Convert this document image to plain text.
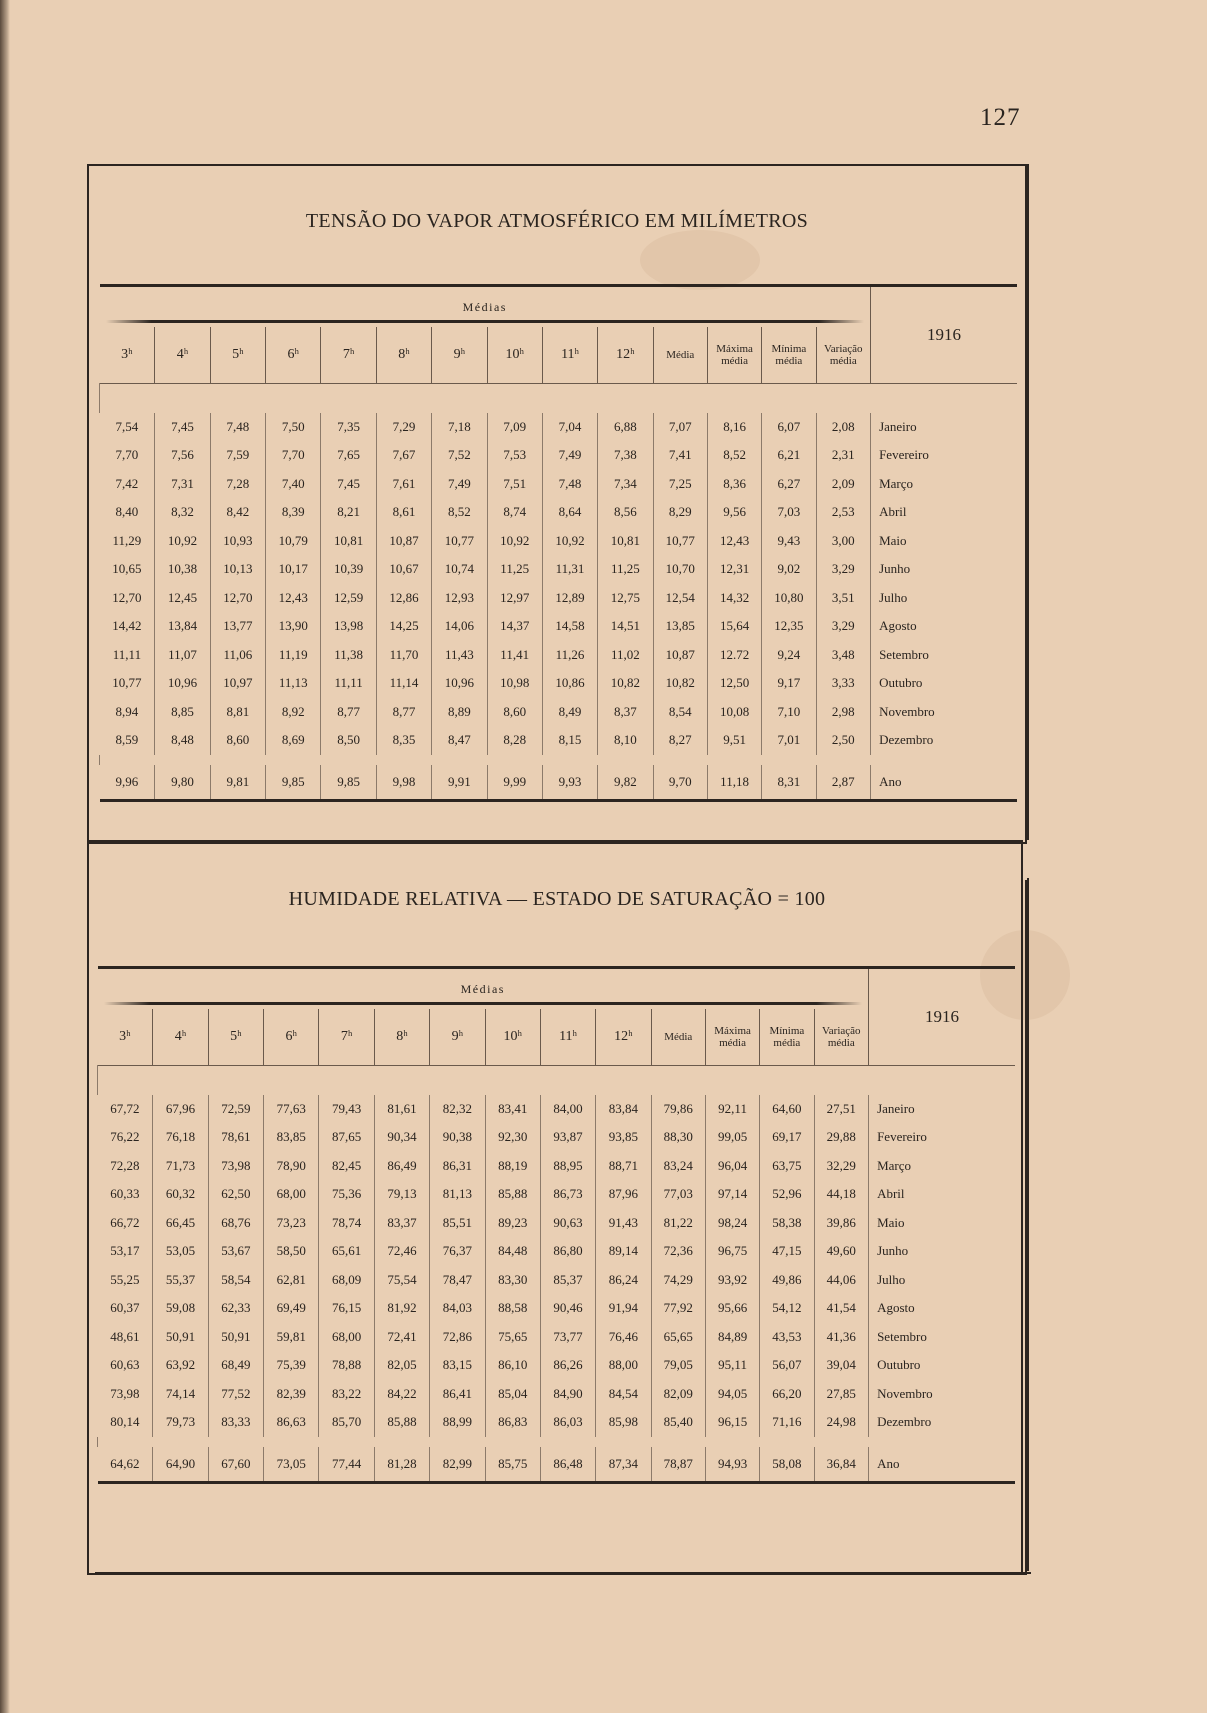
127
TENSÃO DO VAPOR ATMOSFÉRICO EM MILÍMETROS
Médias														1916
3ʰ	4ʰ	5ʰ	6ʰ	7ʰ	8ʰ	9ʰ	10ʰ	11ʰ	12ʰ	Média	Máxima média	Mínima média	Variação média	

7,54	7,45	7,48	7,50	7,35	7,29	7,18	7,09	7,04	6,88	7,07	8,16	6,07	2,08	Janeiro
7,70	7,56	7,59	7,70	7,65	7,67	7,52	7,53	7,49	7,38	7,41	8,52	6,21	2,31	Fevereiro
7,42	7,31	7,28	7,40	7,45	7,61	7,49	7,51	7,48	7,34	7,25	8,36	6,27	2,09	Março
8,40	8,32	8,42	8,39	8,21	8,61	8,52	8,74	8,64	8,56	8,29	9,56	7,03	2,53	Abril
11,29	10,92	10,93	10,79	10,81	10,87	10,77	10,92	10,92	10,81	10,77	12,43	9,43	3,00	Maio
10,65	10,38	10,13	10,17	10,39	10,67	10,74	11,25	11,31	11,25	10,70	12,31	9,02	3,29	Junho
12,70	12,45	12,70	12,43	12,59	12,86	12,93	12,97	12,89	12,75	12,54	14,32	10,80	3,51	Julho
14,42	13,84	13,77	13,90	13,98	14,25	14,06	14,37	14,58	14,51	13,85	15,64	12,35	3,29	Agosto
11,11	11,07	11,06	11,19	11,38	11,70	11,43	11,41	11,26	11,02	10,87	12.72	9,24	3,48	Setembro
10,77	10,96	10,97	11,13	11,11	11,14	10,96	10,98	10,86	10,82	10,82	12,50	9,17	3,33	Outubro
8,94	8,85	8,81	8,92	8,77	8,77	8,89	8,60	8,49	8,37	8,54	10,08	7,10	2,98	Novembro
8,59	8,48	8,60	8,69	8,50	8,35	8,47	8,28	8,15	8,10	8,27	9,51	7,01	2,50	Dezembro

9,96	9,80	9,81	9,85	9,85	9,98	9,91	9,99	9,93	9,82	9,70	11,18	8,31	2,87	Ano
HUMIDADE RELATIVA — ESTADO DE SATURAÇÃO = 100
Médias														1916
3ʰ	4ʰ	5ʰ	6ʰ	7ʰ	8ʰ	9ʰ	10ʰ	11ʰ	12ʰ	Média	Máxima média	Mínima média	Variação média	

67,72	67,96	72,59	77,63	79,43	81,61	82,32	83,41	84,00	83,84	79,86	92,11	64,60	27,51	Janeiro
76,22	76,18	78,61	83,85	87,65	90,34	90,38	92,30	93,87	93,85	88,30	99,05	69,17	29,88	Fevereiro
72,28	71,73	73,98	78,90	82,45	86,49	86,31	88,19	88,95	88,71	83,24	96,04	63,75	32,29	Março
60,33	60,32	62,50	68,00	75,36	79,13	81,13	85,88	86,73	87,96	77,03	97,14	52,96	44,18	Abril
66,72	66,45	68,76	73,23	78,74	83,37	85,51	89,23	90,63	91,43	81,22	98,24	58,38	39,86	Maio
53,17	53,05	53,67	58,50	65,61	72,46	76,37	84,48	86,80	89,14	72,36	96,75	47,15	49,60	Junho
55,25	55,37	58,54	62,81	68,09	75,54	78,47	83,30	85,37	86,24	74,29	93,92	49,86	44,06	Julho
60,37	59,08	62,33	69,49	76,15	81,92	84,03	88,58	90,46	91,94	77,92	95,66	54,12	41,54	Agosto
48,61	50,91	50,91	59,81	68,00	72,41	72,86	75,65	73,77	76,46	65,65	84,89	43,53	41,36	Setembro
60,63	63,92	68,49	75,39	78,88	82,05	83,15	86,10	86,26	88,00	79,05	95,11	56,07	39,04	Outubro
73,98	74,14	77,52	82,39	83,22	84,22	86,41	85,04	84,90	84,54	82,09	94,05	66,20	27,85	Novembro
80,14	79,73	83,33	86,63	85,70	85,88	88,99	86,83	86,03	85,98	85,40	96,15	71,16	24,98	Dezembro

64,62	64,90	67,60	73,05	77,44	81,28	82,99	85,75	86,48	87,34	78,87	94,93	58,08	36,84	Ano
